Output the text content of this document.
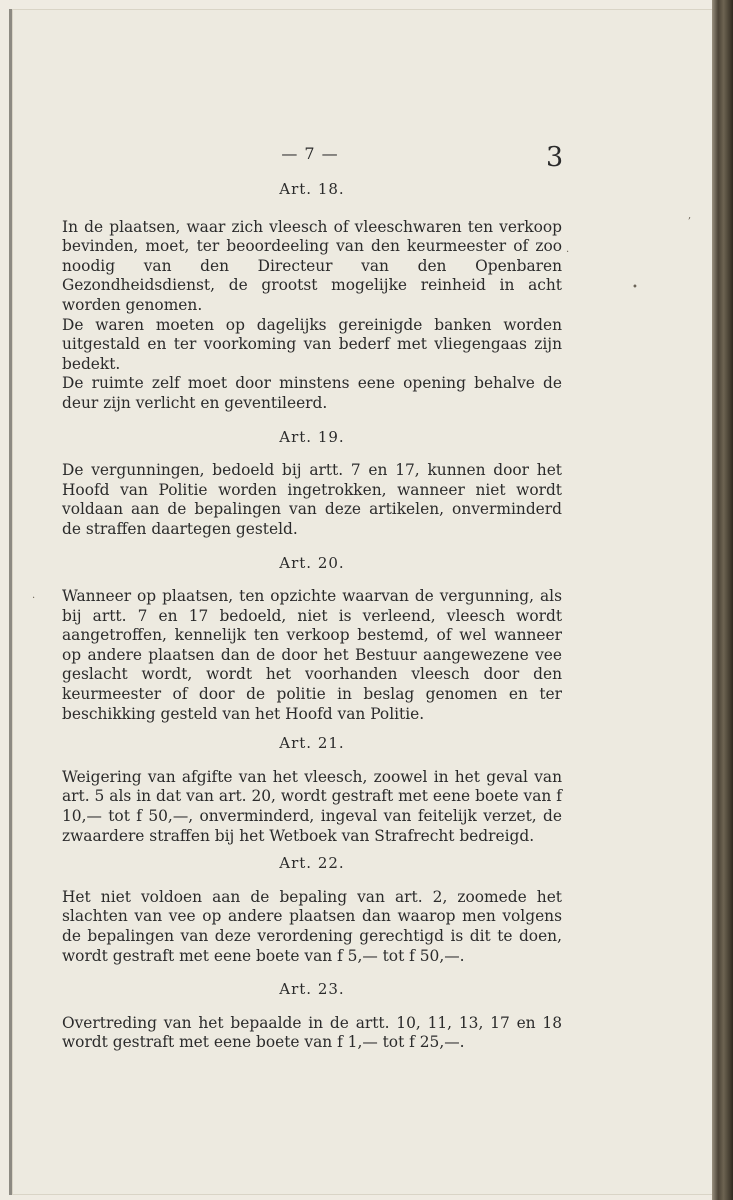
— 7 —	3
Art. 18.

In de plaatsen, waar zich vleesch of vleeschwaren ten verkoop bevinden, moet, ter beoordeeling van den keurmeester of zoo noodig van den Directeur van den Openbaren Gezondheidsdienst, de grootst mogelijke reinheid in acht worden genomen.

De waren moeten op dagelijks gereinigde banken worden uitgestald en ter voorkoming van bederf met vliegengaas zijn bedekt.

De ruimte zelf moet door minstens eene opening behalve de deur zijn verlicht en geventileerd.

Art. 19.

De vergunningen, bedoeld bij artt. 7 en 17, kunnen door het Hoofd van Politie worden ingetrokken, wanneer niet wordt voldaan aan de bepalingen van deze artikelen, onverminderd de straffen daartegen gesteld.

Art. 20.

Wanneer op plaatsen, ten opzichte waarvan de vergunning, als bij artt. 7 en 17 bedoeld, niet is verleend, vleesch wordt aangetroffen, kennelijk ten verkoop bestemd, of wel wanneer op andere plaatsen dan de door het Bestuur aangewezene vee geslacht wordt, wordt het voorhanden vleesch door den keurmeester of door de politie in beslag genomen en ter beschikking gesteld van het Hoofd van Politie.

Art. 21.

Weigering van afgifte van het vleesch, zoowel in het geval van art. 5 als in dat van art. 20, wordt gestraft met eene boete van f 10,— tot f 50,—, onverminderd, ingeval van feitelijk verzet, de zwaardere straffen bij het Wetboek van Strafrecht bedreigd.

Art. 22.

Het niet voldoen aan de bepaling van art. 2, zoomede het slachten van vee op andere plaatsen dan waarop men volgens de bepalingen van deze verordening gerechtigd is dit te doen, wordt gestraft met eene boete van f 5,— tot f 50,—.

Art. 23.

Overtreding van het bepaalde in de artt. 10, 11, 13, 17 en 18 wordt gestraft met eene boete van f 1,— tot f 25,—.

,
.
•
.
